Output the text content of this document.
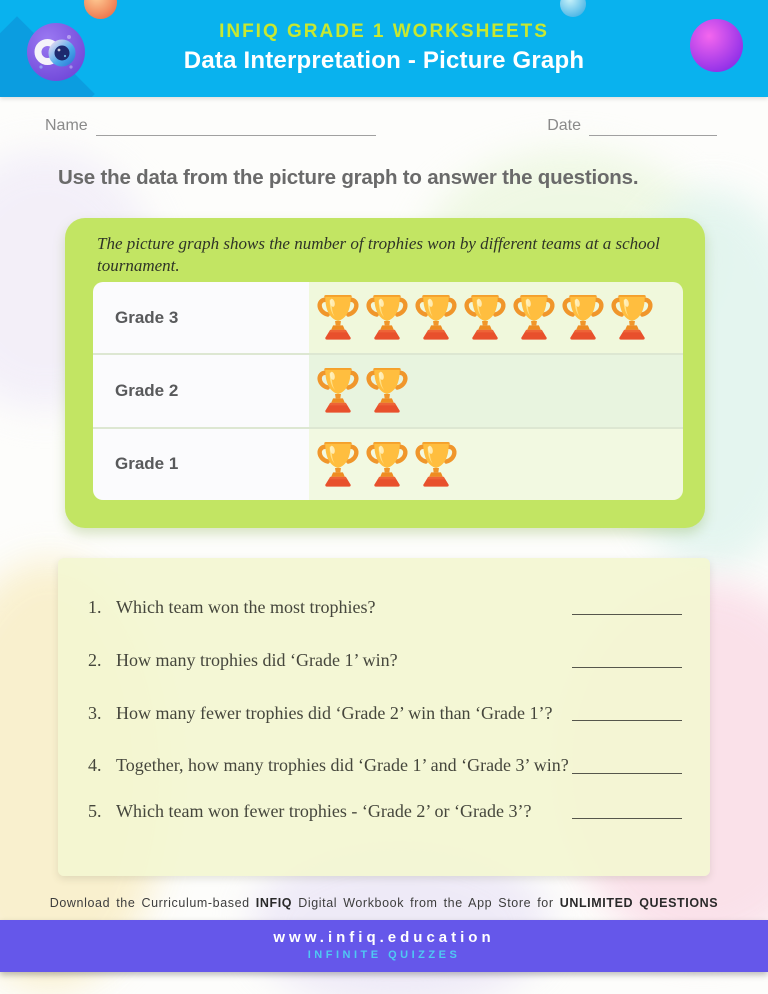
INFIQ GRADE 1 WORKSHEETS
Data Interpretation - Picture Graph
Name	Date
Use the data from the picture graph to answer the questions.
The picture graph shows the number of trophies won by different teams at a school tournament.
Grade 3
Grade 2
Grade 1
1. Which team won the most trophies?
2. How many trophies did ‘Grade 1’ win?
3. How many fewer trophies did ‘Grade 2’ win than ‘Grade 1’?
4. Together, how many trophies did ‘Grade 1’ and ‘Grade 3’ win?
5. Which team won fewer trophies - ‘Grade 2’ or ‘Grade 3’?
Download the Curriculum-based INFIQ Digital Workbook from the App Store for UNLIMITED QUESTIONS
www.infiq.education
INFINITE QUIZZES
